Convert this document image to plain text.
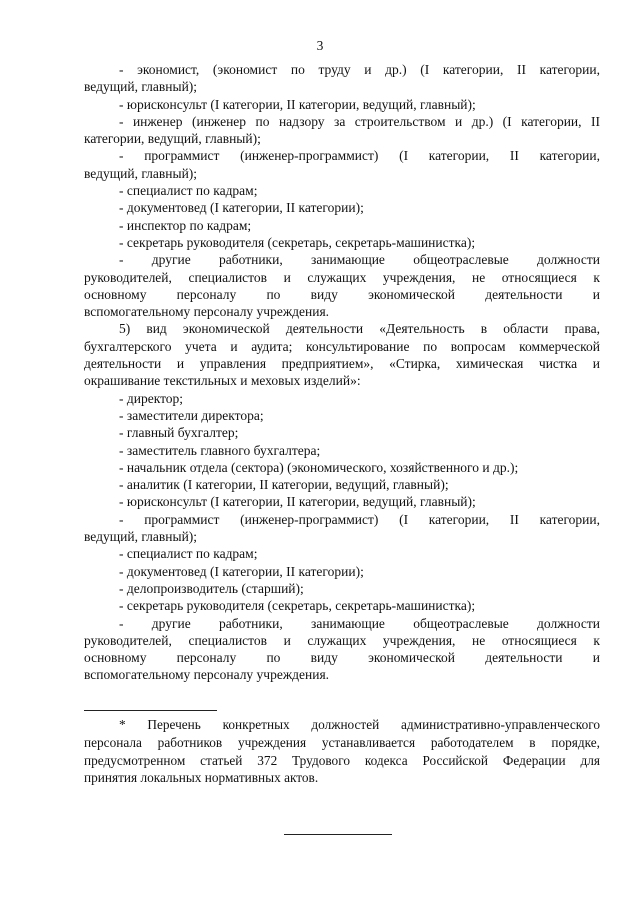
3
- экономист, (экономист по труду и др.) (I категории, II категории,
ведущий, главный);
- юрисконсульт (I категории, II категории, ведущий, главный);
- инженер (инженер по надзору за строительством и др.) (I категории, II
категории, ведущий, главный);
- программист (инженер-программист) (I категории, II категории,
ведущий, главный);
- специалист по кадрам;
- документовед (I категории, II категории);
- инспектор по кадрам;
- секретарь руководителя (секретарь, секретарь-машинистка);
- другие работники, занимающие общеотраслевые должности
руководителей, специалистов и служащих учреждения, не относящиеся к
основному персоналу по виду экономической деятельности и
вспомогательному персоналу учреждения.
5) вид экономической деятельности «Деятельность в области права,
бухгалтерского учета и аудита; консультирование по вопросам коммерческой
деятельности и управления предприятием», «Стирка, химическая чистка и
окрашивание текстильных и меховых изделий»:
- директор;
- заместители директора;
- главный бухгалтер;
- заместитель главного бухгалтера;
- начальник отдела (сектора) (экономического, хозяйственного и др.);
- аналитик (I категории, II категории, ведущий, главный);
- юрисконсульт (I категории, II категории, ведущий, главный);
- программист (инженер-программист) (I категории, II категории,
ведущий, главный);
- специалист по кадрам;
- документовед (I категории, II категории);
- делопроизводитель (старший);
- секретарь руководителя (секретарь, секретарь-машинистка);
- другие работники, занимающие общеотраслевые должности
руководителей, специалистов и служащих учреждения, не относящиеся к
основному персоналу по виду экономической деятельности и
вспомогательному персоналу учреждения.
* Перечень конкретных должностей административно-управленческого
персонала работников учреждения устанавливается работодателем в порядке,
предусмотренном статьей 372 Трудового кодекса Российской Федерации для
принятия локальных нормативных актов.
